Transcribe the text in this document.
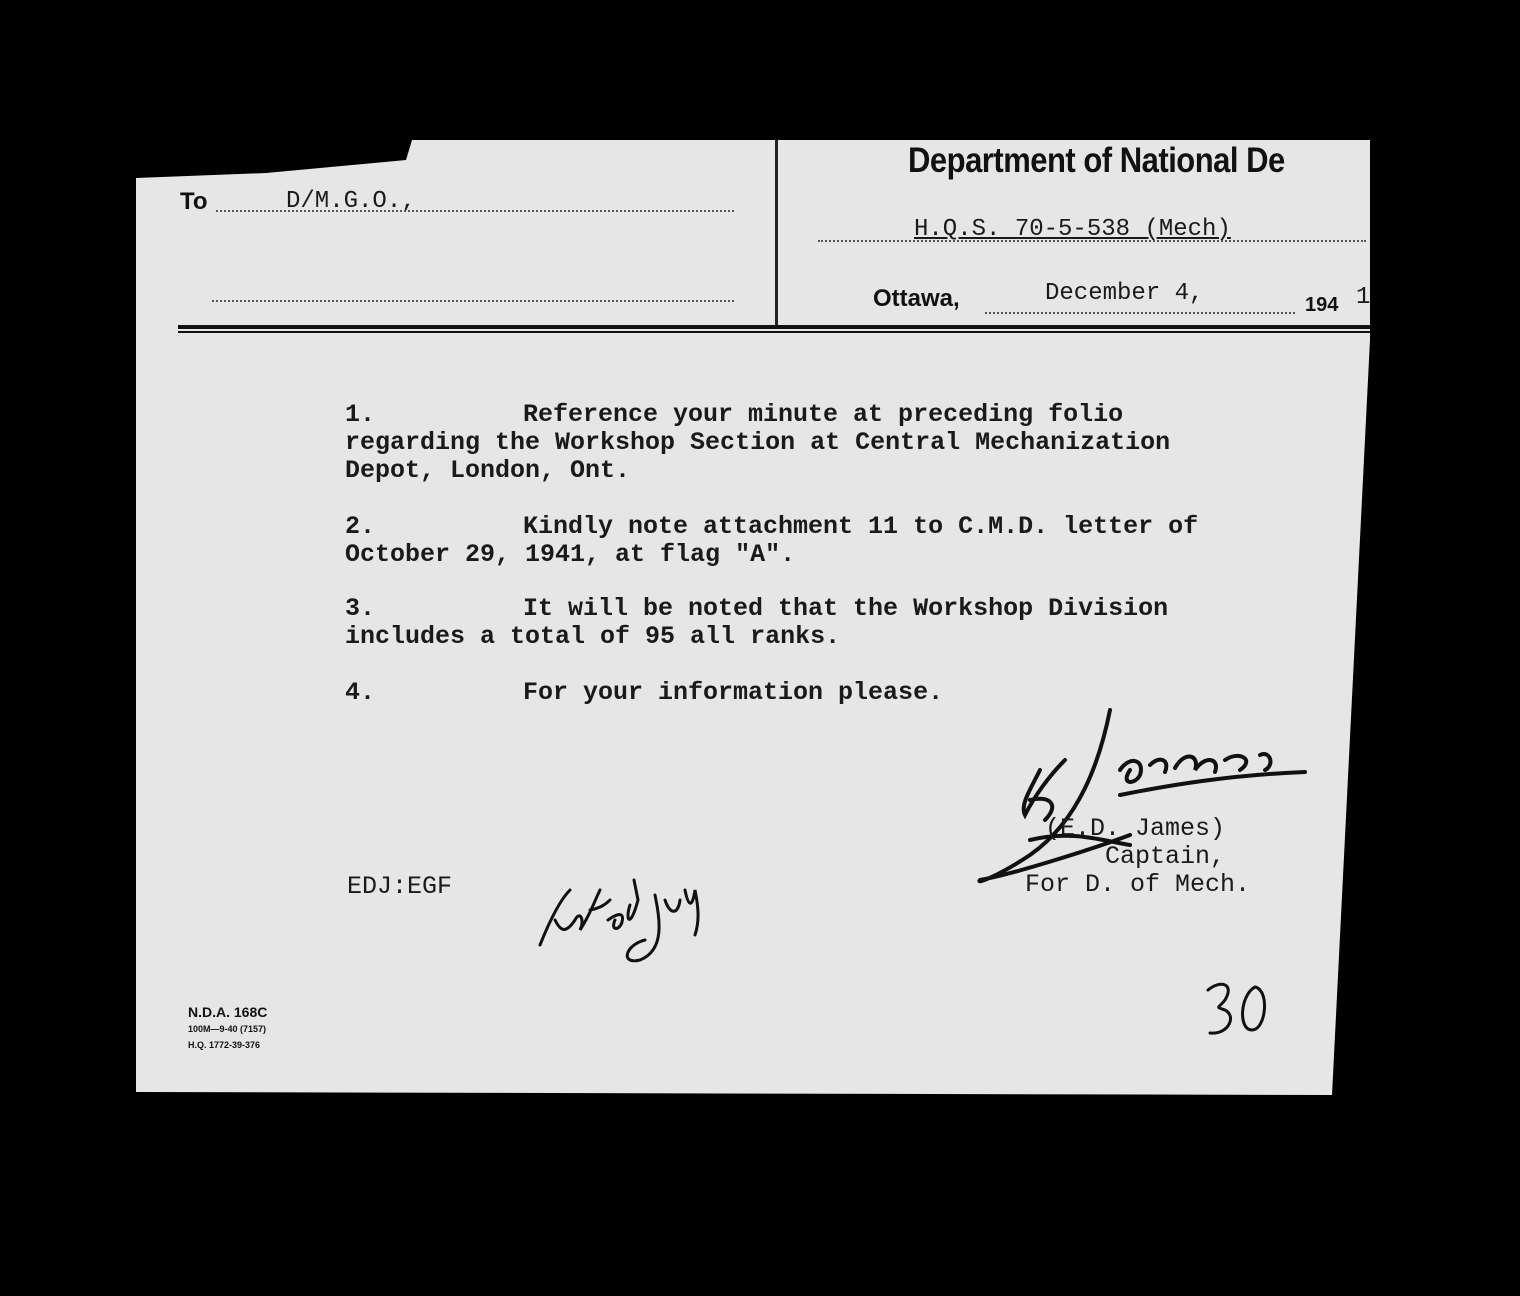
To	D/M.G.O.,
Department of National De
H.Q.S. 70-5-538 (Mech)
Ottawa,	December 4,	194 1
1.	Reference your minute at preceding folio
regarding the Workshop Section at Central Mechanization
Depot, London, Ont.
2.	Kindly note attachment 11 to C.M.D. letter of
October 29, 1941, at flag "A".
3.	It will be noted that the Workshop Division
includes a total of 95 all ranks.
4.	For your information please.
(E.D. James)
Captain,
For D. of Mech.
EDJ:EGF
N.D.A. 168C
100M—9-40 (7157)
H.Q. 1772-39-376
